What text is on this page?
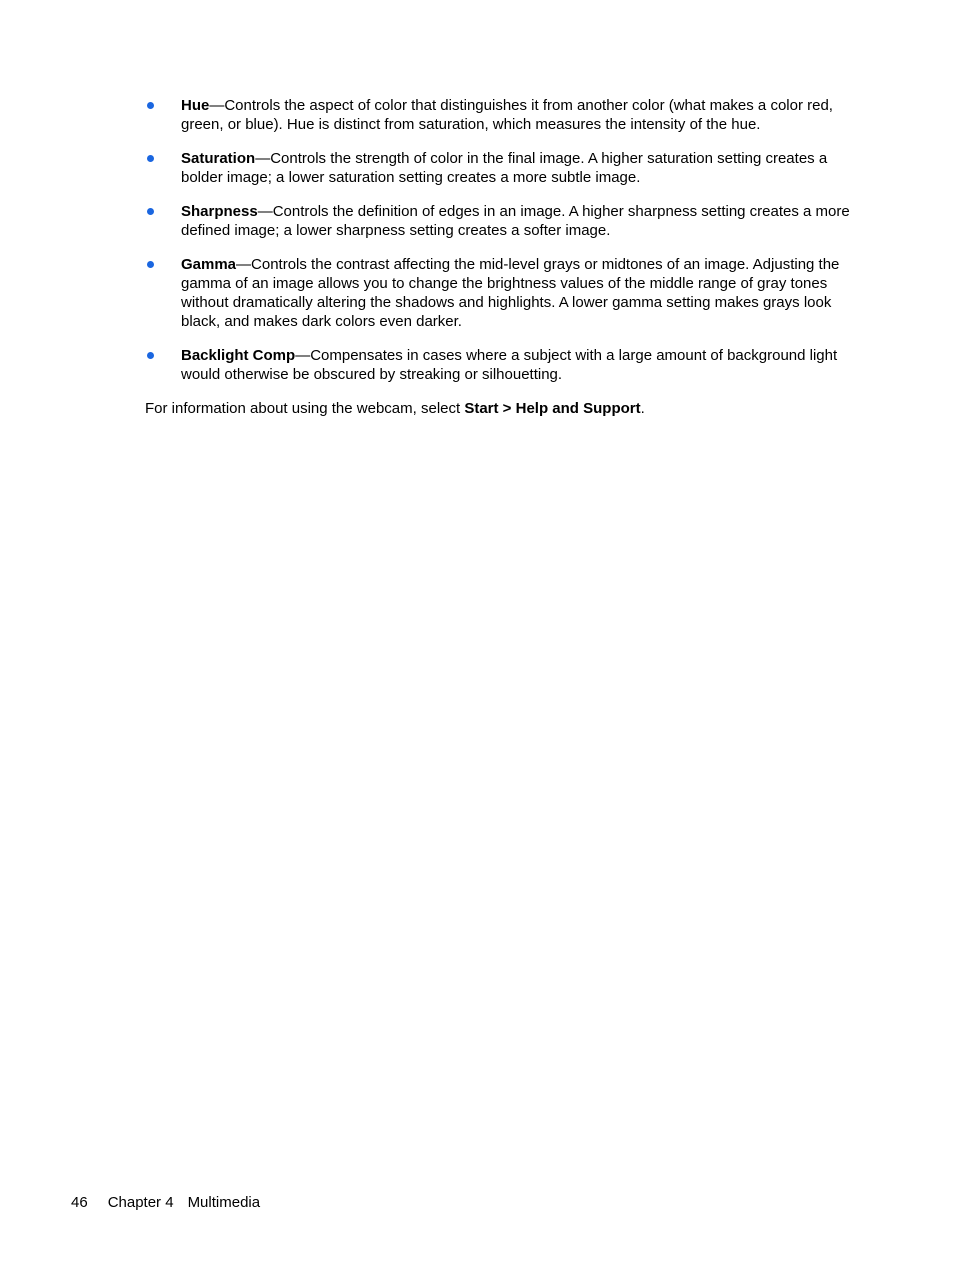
Hue—Controls the aspect of color that distinguishes it from another color (what makes a color red, green, or blue). Hue is distinct from saturation, which measures the intensity of the hue.
Saturation—Controls the strength of color in the final image. A higher saturation setting creates a bolder image; a lower saturation setting creates a more subtle image.
Sharpness—Controls the definition of edges in an image. A higher sharpness setting creates a more defined image; a lower sharpness setting creates a softer image.
Gamma—Controls the contrast affecting the mid-level grays or midtones of an image. Adjusting the gamma of an image allows you to change the brightness values of the middle range of gray tones without dramatically altering the shadows and highlights. A lower gamma setting makes grays look black, and makes dark colors even darker.
Backlight Comp—Compensates in cases where a subject with a large amount of background light would otherwise be obscured by streaking or silhouetting.

For information about using the webcam, select Start > Help and Support.

46 Chapter 4 Multimedia
